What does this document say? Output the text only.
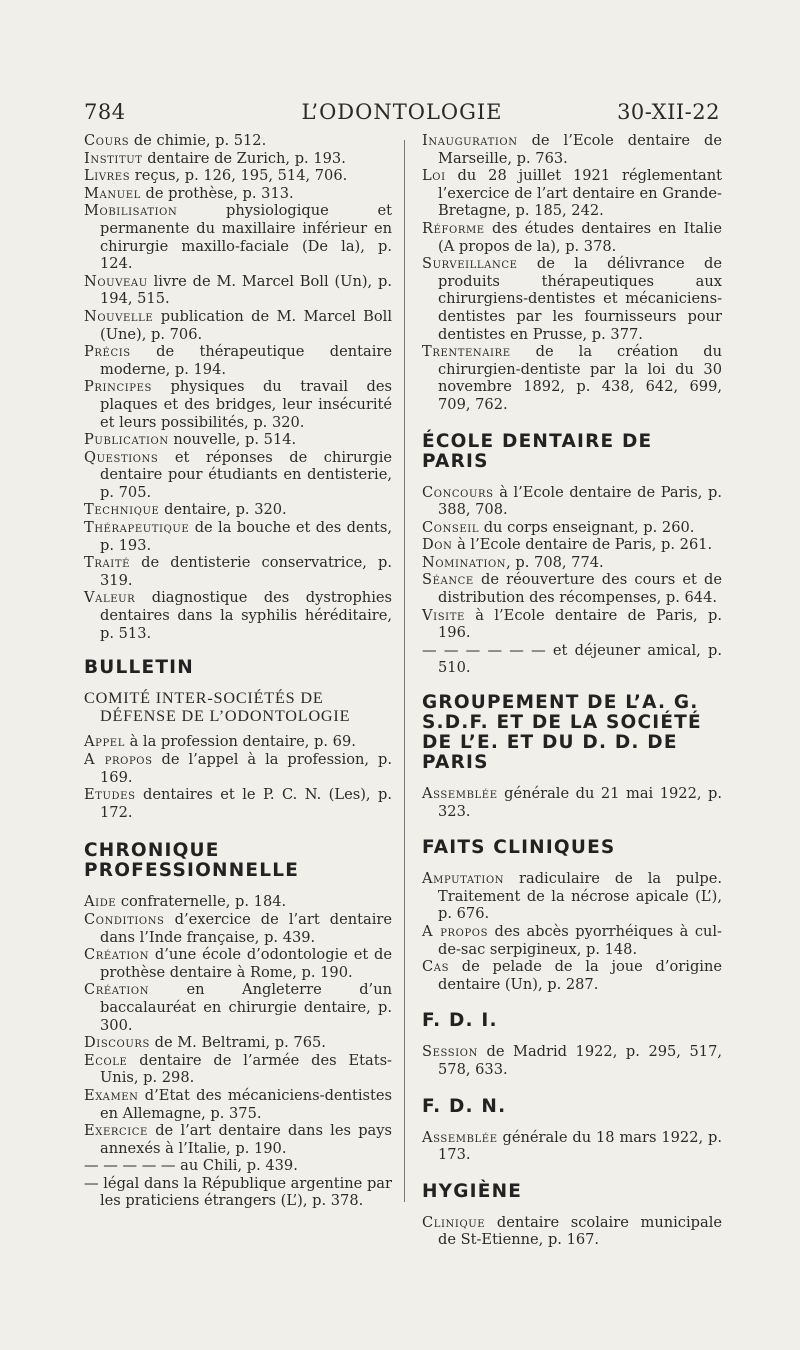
784	L’ODONTOLOGIE	30-XII-22

Cours de chimie, p. 512.

Institut dentaire de Zurich, p. 193.

Livres reçus, p. 126, 195, 514, 706.

Manuel de prothèse, p. 313.

Mobilisation physiologique et permanente du maxillaire inférieur en chirurgie maxillo-faciale (De la), p. 124.

Nouveau livre de M. Marcel Boll (Un), p. 194, 515.

Nouvelle publication de M. Marcel Boll (Une), p. 706.

Précis de thérapeutique dentaire moderne, p. 194.

Principes physiques du travail des plaques et des bridges, leur insécurité et leurs possibilités, p. 320.

Publication nouvelle, p. 514.

Questions et réponses de chirurgie dentaire pour étudiants en dentisterie, p. 705.

Technique dentaire, p. 320.

Thérapeutique de la bouche et des dents, p. 193.

Traité de dentisterie conservatrice, p. 319.

Valeur diagnostique des dystrophies dentaires dans la syphilis héréditaire, p. 513.

BULLETIN
COMITÉ INTER-SOCIÉTÉS DE DÉFENSE DE L’ODONTOLOGIE

Appel à la profession dentaire, p. 69.

A propos de l’appel à la profession, p. 169.

Etudes dentaires et le P. C. N. (Les), p. 172.

CHRONIQUE PROFESSIONNELLE

Aide confraternelle, p. 184.

Conditions d’exercice de l’art dentaire dans l’Inde française, p. 439.

Création d’une école d’odontologie et de prothèse dentaire à Rome, p. 190.

Création en Angleterre d’un baccalauréat en chirurgie dentaire, p. 300.

Discours de M. Beltrami, p. 765.

Ecole dentaire de l’armée des Etats-Unis, p. 298.

Examen d’Etat des mécaniciens-dentistes en Allemagne, p. 375.

Exercice de l’art dentaire dans les pays annexés à l’Italie, p. 190.

— — — — — au Chili, p. 439.

— légal dans la République argentine par les praticiens étrangers (L’), p. 378.

Inauguration de l’Ecole dentaire de Marseille, p. 763.

Loi du 28 juillet 1921 réglementant l’exercice de l’art dentaire en Grande-Bretagne, p. 185, 242.

Réforme des études dentaires en Italie (A propos de la), p. 378.

Surveillance de la délivrance de produits thérapeutiques aux chirurgiens-dentistes et mécaniciens-dentistes par les fournisseurs pour dentistes en Prusse, p. 377.

Trentenaire de la création du chirurgien-dentiste par la loi du 30 novembre 1892, p. 438, 642, 699, 709, 762.

ÉCOLE DENTAIRE DE PARIS

Concours à l’Ecole dentaire de Paris, p. 388, 708.

Conseil du corps enseignant, p. 260.

Don à l’Ecole dentaire de Paris, p. 261.

Nomination, p. 708, 774.

Séance de réouverture des cours et de distribution des récompenses, p. 644.

Visite à l’Ecole dentaire de Paris, p. 196.

— — — — — — et déjeuner amical, p. 510.

GROUPEMENT DE L’A. G. S.D.F. ET DE LA SOCIÉTÉ DE L’E. ET DU D. D. DE PARIS

Assemblée générale du 21 mai 1922, p. 323.

FAITS CLINIQUES

Amputation radiculaire de la pulpe. Traitement de la nécrose apicale (L’), p. 676.

A propos des abcès pyorrhéiques à cul-de-sac serpigineux, p. 148.

Cas de pelade de la joue d’origine dentaire (Un), p. 287.

F. D. I.

Session de Madrid 1922, p. 295, 517, 578, 633.

F. D. N.

Assemblée générale du 18 mars 1922, p. 173.

HYGIÈNE

Clinique dentaire scolaire municipale de St-Etienne, p. 167.
